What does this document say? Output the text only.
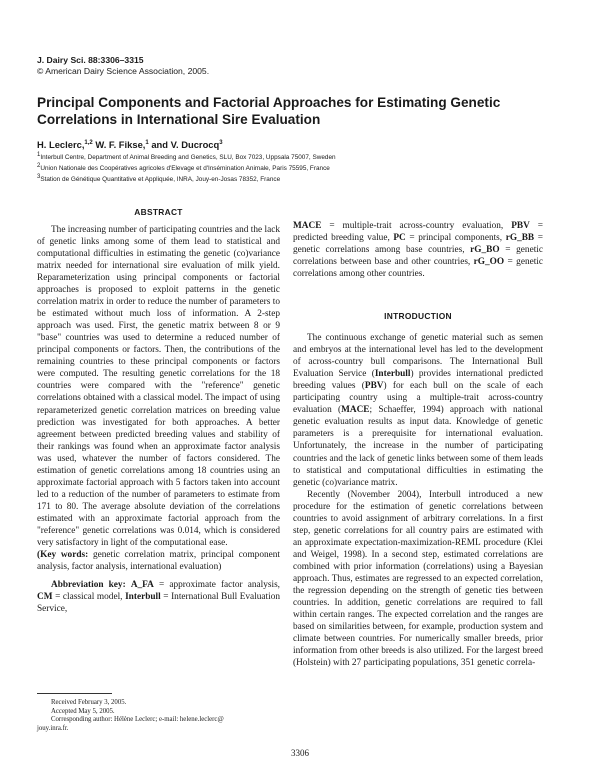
J. Dairy Sci. 88:3306–3315
© American Dairy Science Association, 2005.
Principal Components and Factorial Approaches for Estimating Genetic Correlations in International Sire Evaluation
H. Leclerc,$^{1,2}$ W. F. Fikse,$^1$ and V. Ducrocq$^3$
$^1$Interbull Centre, Department of Animal Breeding and Genetics, SLU, Box 7023, Uppsala 75007, Sweden
$^2$Union Nationale des Coopératives agricoles d'Elevage et d'Insémination Animale, Paris 75595, France
$^3$Station de Génétique Quantitative et Appliquée, INRA, Jouy-en-Josas 78352, France
ABSTRACT

The increasing number of participating countries and the lack of genetic links among some of them lead to statistical and computational difficulties in estimating the genetic (co)variance matrix needed for international sire evaluation of milk yield. Reparameterization using principal components or factorial approaches is proposed to exploit patterns in the genetic correlation matrix in order to reduce the number of parameters to be estimated without much loss of information. A 2-step approach was used. First, the genetic matrix between 8 or 9 "base" countries was used to determine a reduced number of principal components or factors. Then, the contributions of the remaining countries to these principal components or factors were computed. The resulting genetic correlations for the 18 countries were compared with the "reference" genetic correlations obtained with a classical model. The impact of using reparameterized genetic correlation matrices on breeding value prediction was investigated for both approaches. A better agreement between predicted breeding values and stability of their rankings was found when an approximate factor analysis was used, whatever the number of factors considered. The estimation of genetic correlations among 18 countries using an approximate factorial approach with 5 factors taken into account led to a reduction of the number of parameters to estimate from 171 to 80. The average absolute deviation of the correlations estimated with an approximate factorial approach from the "reference" genetic correlations was 0.014, which is considered very satisfactory in light of the computational ease.

(Key words: genetic correlation matrix, principal component analysis, factor analysis, international evaluation)

Abbreviation key: A_FA = approximate factor analysis, CM = classical model, Interbull = International Bull Evaluation Service,

MACE = multiple-trait across-country evaluation, PBV = predicted breeding value, PC = principal components, rG_BB = genetic correlations among base countries, rG_BO = genetic correlations between base and other countries, rG_OO = genetic correlations among other countries.

INTRODUCTION

The continuous exchange of genetic material such as semen and embryos at the international level has led to the development of across-country bull comparisons. The International Bull Evaluation Service (Interbull) provides international predicted breeding values (PBV) for each bull on the scale of each participating country using a multiple-trait across-country evaluation (MACE; Schaeffer, 1994) approach with national genetic evaluation results as input data. Knowledge of genetic parameters is a prerequisite for international evaluation. Unfortunately, the increase in the number of participating countries and the lack of genetic links between some of them leads to statistical and computational difficulties in estimating the genetic (co)variance matrix.

Recently (November 2004), Interbull introduced a new procedure for the estimation of genetic correlations between countries to avoid assignment of arbitrary correlations. In a first step, genetic correlations for all country pairs are estimated with an approximate expectation-maximization-REML procedure (Klei and Weigel, 1998). In a second step, estimated correlations are combined with prior information (correlations) using a Bayesian approach. Thus, estimates are regressed to an expected correlation, the regression depending on the strength of genetic ties between countries. In addition, genetic correlations are required to fall within certain ranges. The expected correlation and the ranges are based on similarities between, for example, production system and climate between countries. For numerically smaller breeds, prior information from other breeds is also utilized. For the largest breed (Holstein) with 27 participating populations, 351 genetic correla-

Received February 3, 2005.
Accepted May 5, 2005.
Corresponding author: Hélène Leclerc; e-mail: helene.leclerc@
jouy.inra.fr.
3306
